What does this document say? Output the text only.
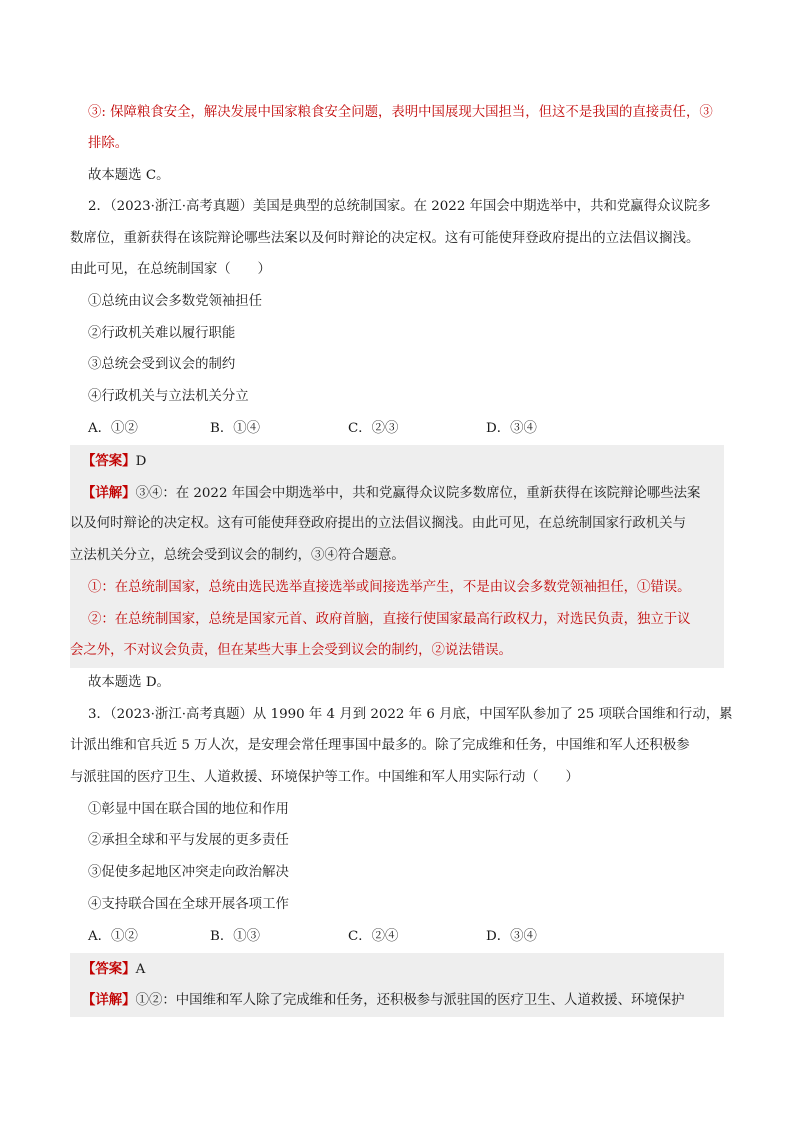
③: 保障粮食安全，解决发展中国家粮食安全问题，表明中国展现大国担当，但这不是我国的直接责任，③
排除。
故本题选 C。
2．（2023·浙江·高考真题）美国是典型的总统制国家。在 2022 年国会中期选举中，共和党赢得众议院多
数席位，重新获得在该院辩论哪些法案以及何时辩论的决定权。这有可能使拜登政府提出的立法倡议搁浅。
由此可见，在总统制国家（　　）
①总统由议会多数党领袖担任
②行政机关难以履行职能
③总统会受到议会的制约
④行政机关与立法机关分立
A．①②	B．①④	C．②③	D．③④
【答案】D
【详解】③④：在 2022 年国会中期选举中，共和党赢得众议院多数席位，重新获得在该院辩论哪些法案
以及何时辩论的决定权。这有可能使拜登政府提出的立法倡议搁浅。由此可见，在总统制国家行政机关与
立法机关分立，总统会受到议会的制约，③④符合题意。
①：在总统制国家，总统由选民选举直接选举或间接选举产生，不是由议会多数党领袖担任，①错误。
②：在总统制国家，总统是国家元首、政府首脑，直接行使国家最高行政权力，对选民负责，独立于议
会之外，不对议会负责，但在某些大事上会受到议会的制约，②说法错误。
故本题选 D。
3．（2023·浙江·高考真题）从 1990 年 4 月到 2022 年 6 月底，中国军队参加了 25 项联合国维和行动，累
计派出维和官兵近 5 万人次，是安理会常任理事国中最多的。除了完成维和任务，中国维和军人还积极参
与派驻国的医疗卫生、人道救援、环境保护等工作。中国维和军人用实际行动（　　）
①彰显中国在联合国的地位和作用
②承担全球和平与发展的更多责任
③促使多起地区冲突走向政治解决
④支持联合国在全球开展各项工作
A．①②	B．①③	C．②④	D．③④
【答案】A
【详解】①②：中国维和军人除了完成维和任务，还积极参与派驻国的医疗卫生、人道救援、环境保护
